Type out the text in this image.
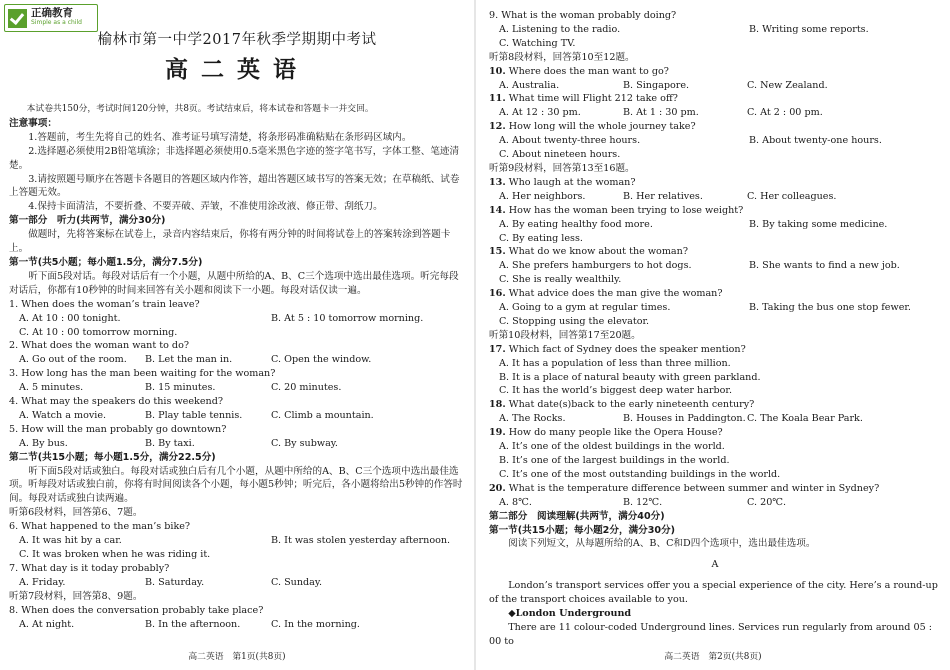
正确教育
Simple as a child
榆林市第一中学2017年秋季学期期中考试
高二英语

本试卷共150分，考试时间120分钟，共8页。考试结束后，将本试卷和答题卡一并交回。

注意事项：

1.答题前，考生先将自己的姓名、准考证号填写清楚，将条形码准确粘贴在条形码区域内。

2.选择题必须使用2B铅笔填涂；非选择题必须使用0.5毫米黑色字迹的签字笔书写，字体工整、笔迹清楚。

3.请按照题号顺序在答题卡各题目的答题区域内作答，超出答题区域书写的答案无效；在草稿纸、试卷上答题无效。

4.保持卡面清洁，不要折叠、不要弄破、弄皱，不准使用涂改液、修正带、刮纸刀。

第一部分　听力(共两节，满分30分)

做题时，先将答案标在试卷上，录音内容结束后，你将有两分钟的时间将试卷上的答案转涂到答题卡上。

第一节(共5小题；每小题1.5分，满分7.5分)

听下面5段对话。每段对话后有一个小题，从题中所给的A、B、C三个选项中选出最佳选项。听完每段对话后，你都有10秒钟的时间来回答有关小题和阅读下一小题。每段对话仅读一遍。

1. When does the woman’s train leave?

A. At 10 : 00 tonight.	B. At 5 : 10 tomorrow morning.

C. At 10 : 00 tomorrow morning.

2. What does the woman want to do?

A. Go out of the room.	B. Let the man in.	C. Open the window.

3. How long has the man been waiting for the woman?

A. 5 minutes.	B. 15 minutes.	C. 20 minutes.

4. What may the speakers do this weekend?

A. Watch a movie.	B. Play table tennis.	C. Climb a mountain.

5. How will the man probably go downtown?

A. By bus.	B. By taxi.	C. By subway.

第二节(共15小题；每小题1.5分，满分22.5分)

听下面5段对话或独白。每段对话或独白后有几个小题，从题中所给的A、B、C三个选项中选出最佳选项。听每段对话或独白前，你将有时间阅读各个小题，每小题5秒钟；听完后，各小题将给出5秒钟的作答时间。每段对话或独白读两遍。

听第6段材料，回答第6、7题。

6. What happened to the man’s bike?

A. It was hit by a car.	B. It was stolen yesterday afternoon.

C. It was broken when he was riding it.

7. What day is it today probably?

A. Friday.	B. Saturday.	C. Sunday.

听第7段材料，回答第8、9题。

8. When does the conversation probably take place?

A. At night.	B. In the afternoon.	C. In the morning.
高二英语　第1页(共8页)

9. What is the woman probably doing?

A. Listening to the radio.	B. Writing some reports.

C. Watching TV.

听第8段材料，回答第10至12题。

10. Where does the man want to go?

A. Australia.	B. Singapore.	C. New Zealand.

11. What time will Flight 212 take off?

A. At 12 : 30 pm.	B. At 1 : 30 pm.	C. At 2 : 00 pm.

12. How long will the whole journey take?

A. About twenty-three hours.	B. About twenty-one hours.

C. About nineteen hours.

听第9段材料，回答第13至16题。

13. Who laugh at the woman?

A. Her neighbors.	B. Her relatives.	C. Her colleagues.

14. How has the woman been trying to lose weight?

A. By eating healthy food more.	B. By taking some medicine.

C. By eating less.

15. What do we know about the woman?

A. She prefers hamburgers to hot dogs.	B. She wants to find a new job.

C. She is really wealthily.

16. What advice does the man give the woman?

A. Going to a gym at regular times.	B. Taking the bus one stop fewer.

C. Stopping using the elevator.

听第10段材料，回答第17至20题。

17. Which fact of Sydney does the speaker mention?

A. It has a population of less than three million.

B. It is a place of natural beauty with green parkland.

C. It has the world’s biggest deep water harbor.

18. What date(s)back to the early nineteenth century?

A. The Rocks.	B. Houses in Paddington. C. The Koala Bear Park.

19. How do many people like the Opera House?

A. It’s one of the oldest buildings in the world.

B. It’s one of the largest buildings in the world.

C. It’s one of the most outstanding buildings in the world.

20. What is the temperature difference between summer and winter in Sydney?

A. 8℃.	B. 12℃.	C. 20℃.

第二部分　阅读理解(共两节，满分40分)

第一节(共15小题；每小题2分，满分30分)

阅读下列短文，从每题所给的A、B、C和D四个选项中，选出最佳选项。

A

London’s transport services offer you a special experience of the city. Here’s a round-up of the transport choices available to you.

◆London Underground

There are 11 colour-coded Underground lines. Services run regularly from around 05 : 00 to

高二英语　第2页(共8页)
